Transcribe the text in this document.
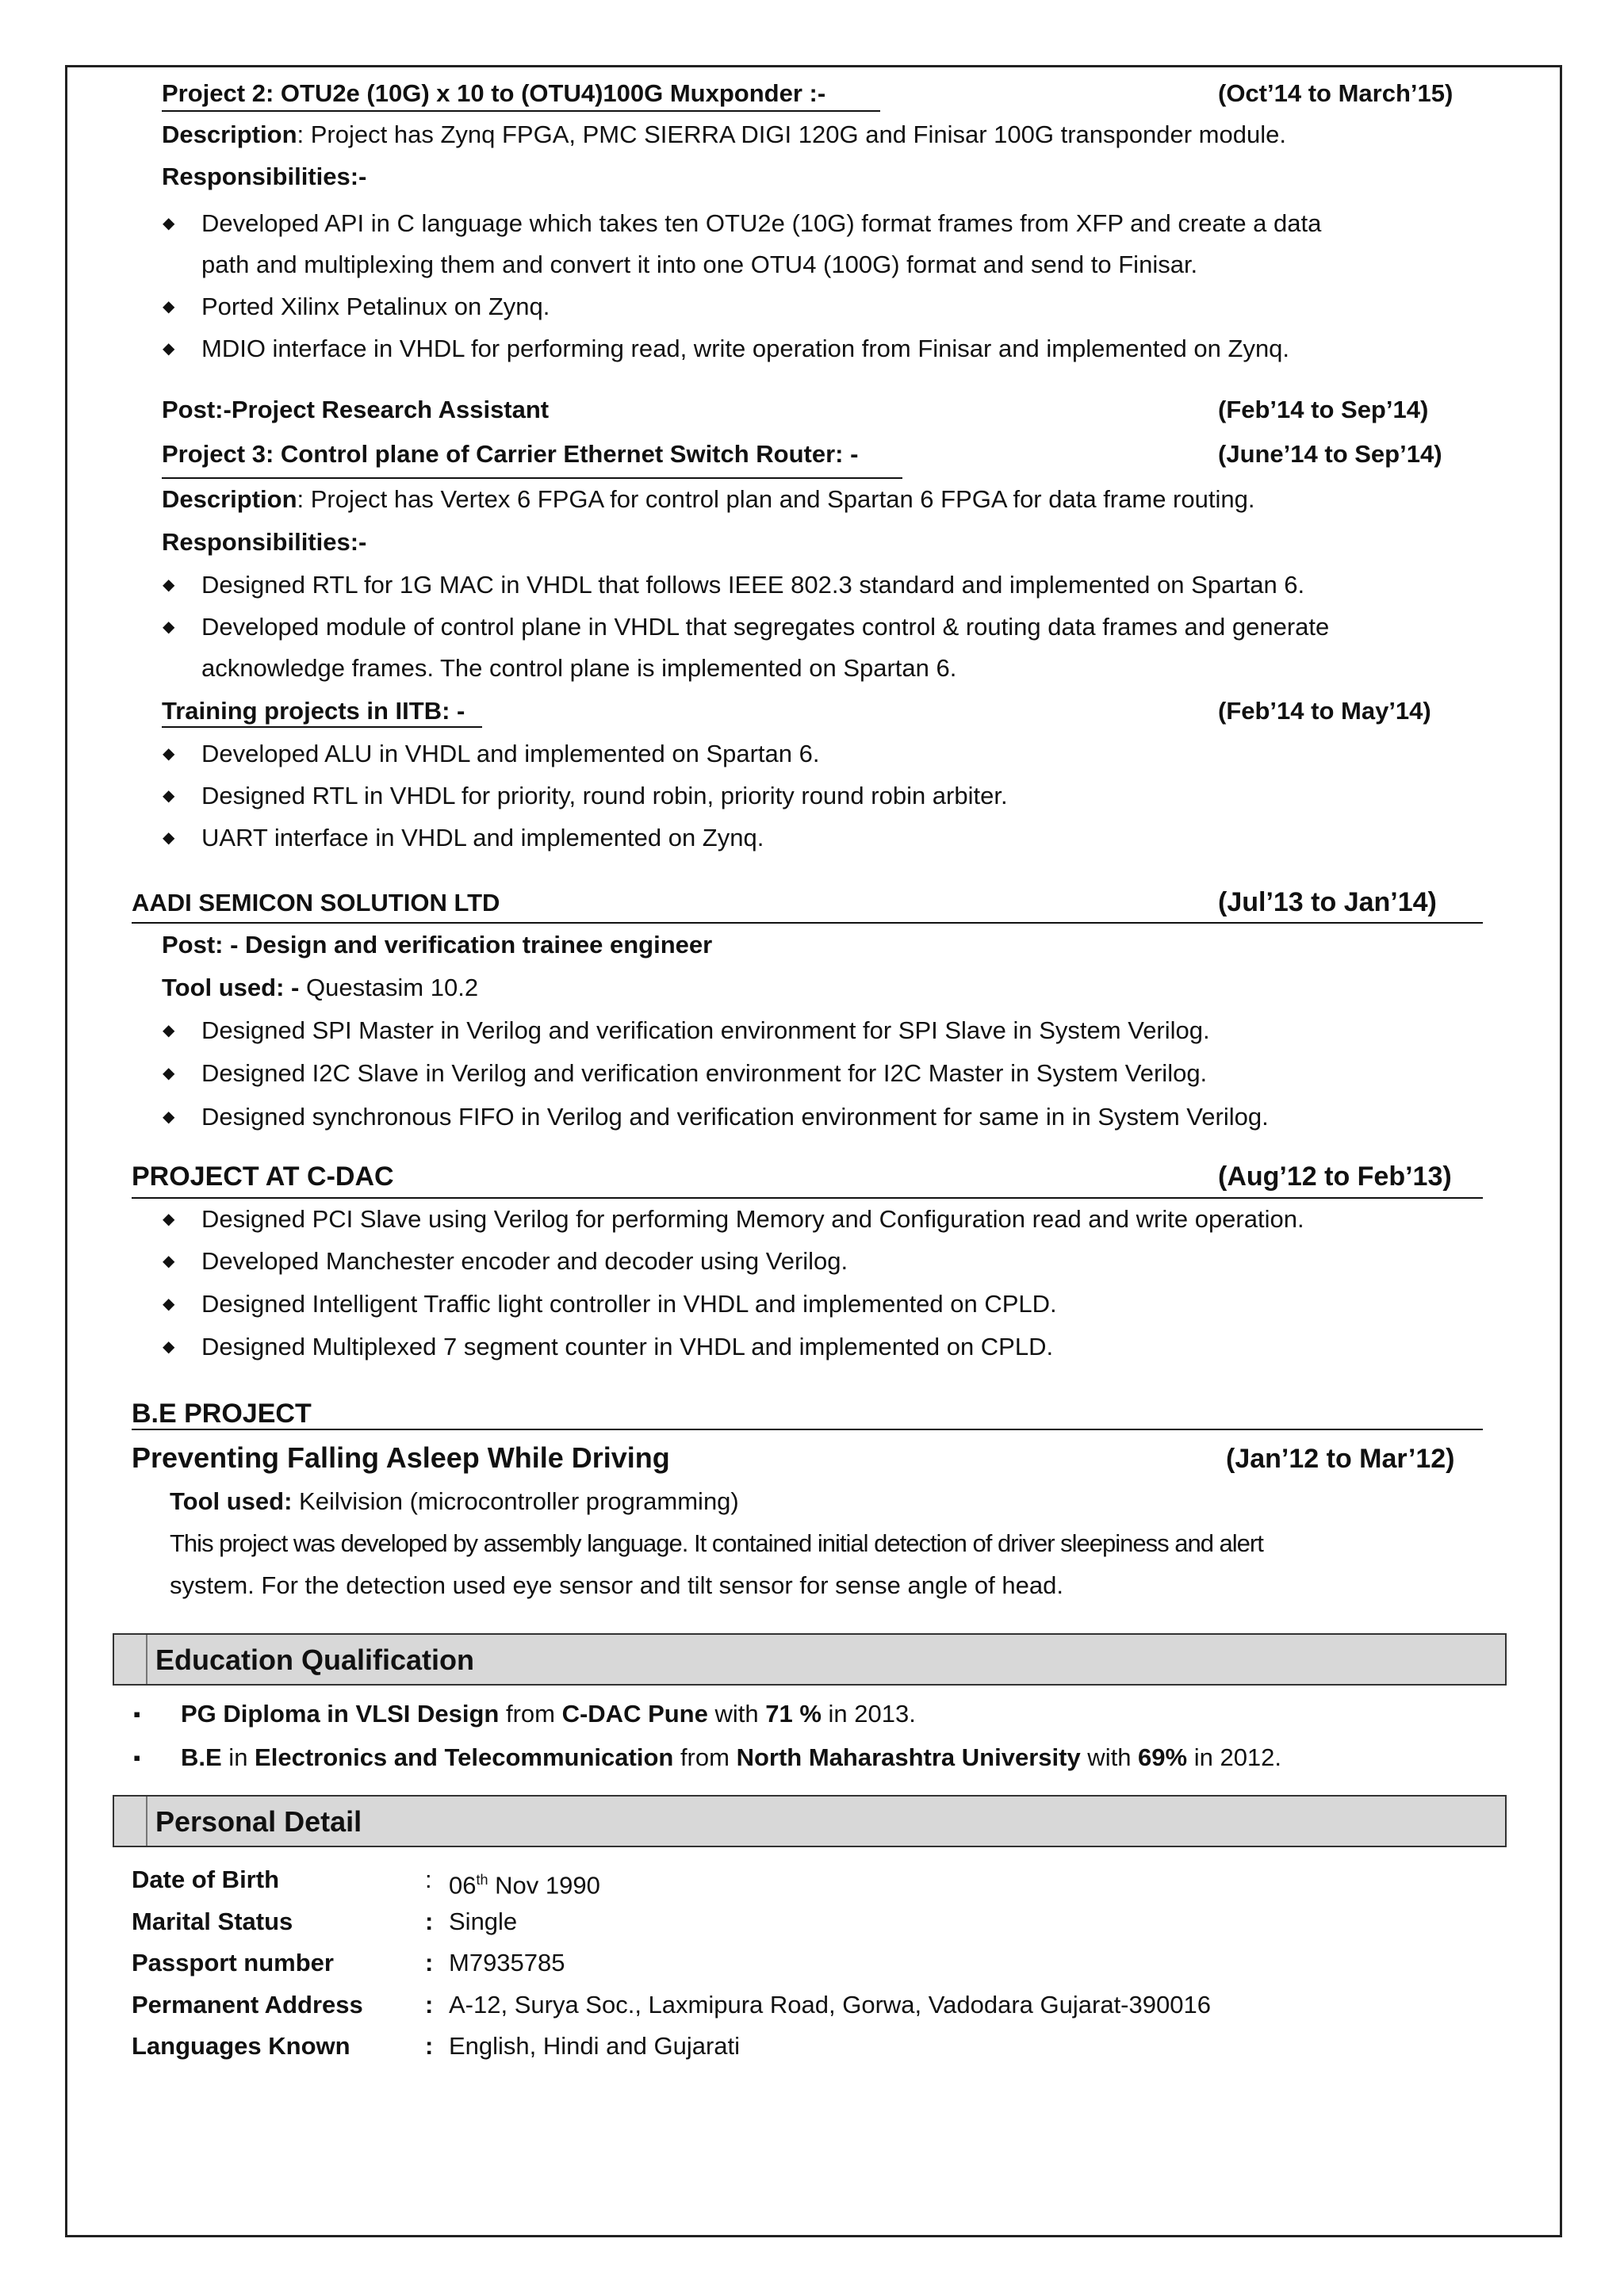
Project 2: OTU2e (10G) x 10 to (OTU4)100G Muxponder :-	(Oct’14 to March’15)
Description: Project has Zynq FPGA, PMC SIERRA DIGI 120G and Finisar 100G transponder module.
Responsibilities:-
◆ Developed API in C language which takes ten OTU2e (10G) format frames from XFP and create a data
path and multiplexing them and convert it into one OTU4 (100G) format and send to Finisar.
◆ Ported Xilinx Petalinux on Zynq.
◆ MDIO interface in VHDL for performing read, write operation from Finisar and implemented on Zynq.
Post:-Project Research Assistant	(Feb’14 to Sep’14)
Project 3: Control plane of Carrier Ethernet Switch Router: -	(June’14 to Sep’14)
Description: Project has Vertex 6 FPGA for control plan and Spartan 6 FPGA for data frame routing.
Responsibilities:-
◆ Designed RTL for 1G MAC in VHDL that follows IEEE 802.3 standard and implemented on Spartan 6.
◆ Developed module of control plane in VHDL that segregates control & routing data frames and generate
acknowledge frames. The control plane is implemented on Spartan 6.
Training projects in IITB: -	(Feb’14 to May’14)
◆ Developed ALU in VHDL and implemented on Spartan 6.
◆ Designed RTL in VHDL for priority, round robin, priority round robin arbiter.
◆ UART interface in VHDL and implemented on Zynq.
AADI SEMICON SOLUTION LTD	(Jul’13 to Jan’14)
Post: - Design and verification trainee engineer
Tool used: - Questasim 10.2
◆ Designed SPI Master in Verilog and verification environment for SPI Slave in System Verilog.
◆ Designed I2C Slave in Verilog and verification environment for I2C Master in System Verilog.
◆ Designed synchronous FIFO in Verilog and verification environment for same in in System Verilog.
PROJECT AT C-DAC	(Aug’12 to Feb’13)
◆ Designed PCI Slave using Verilog for performing Memory and Configuration read and write operation.
◆ Developed Manchester encoder and decoder using Verilog.
◆ Designed Intelligent Traffic light controller in VHDL and implemented on CPLD.
◆ Designed Multiplexed 7 segment counter in VHDL and implemented on CPLD.
B.E PROJECT
Preventing Falling Asleep While Driving	(Jan’12 to Mar’12)
Tool used: Keilvision (microcontroller programming)
This project was developed by assembly language. It contained initial detection of driver sleepiness and alert
system. For the detection used eye sensor and tilt sensor for sense angle of head.
Education Qualification
▪ PG Diploma in VLSI Design from C-DAC Pune with 71 % in 2013.
▪ B.E in Electronics and Telecommunication from North Maharashtra University with 69% in 2012.
Personal Detail
Date of Birth	: 06th Nov 1990
Marital Status	: Single
Passport number	: M7935785
Permanent Address	: A-12, Surya Soc., Laxmipura Road, Gorwa, Vadodara Gujarat-390016
Languages Known	: English, Hindi and Gujarati
